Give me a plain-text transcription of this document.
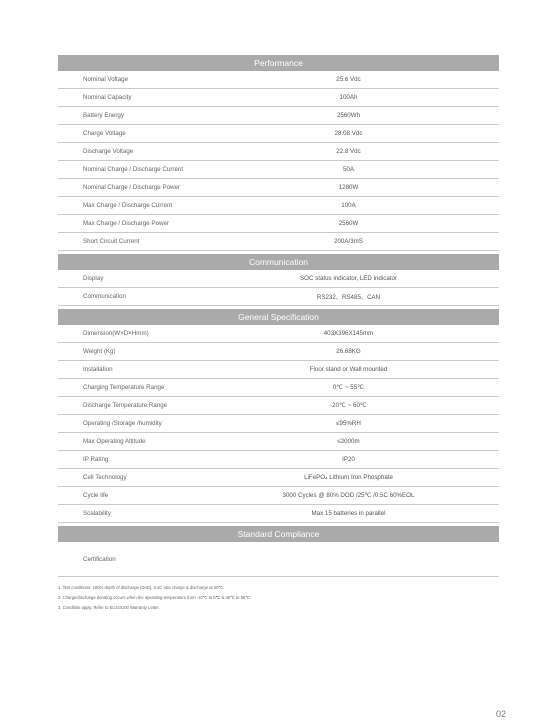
Performance
Nominal Voltage	25.6 Vdc
Nominal Capacity	100Ah
Battery Energy	2560Wh
Charge Voltage	28.08 Vdc
Discharge Voltage	22.8 Vdc
Nominal Charge / Discharge Current	50A
Nominal Charge / Discharge Power	1280W
Max Charge / Discharge Current	100A
Max Charge / Discharge Power	2560W
Short Circuit Current	200A/3mS
Communication
Display	SOC status indicator, LED indicator
Communication	RS232、RS485、CAN
General Specification
Dimension(W×D×Hmm)	403X396X145mm
Weight (Kg)	26.68KG
Installation	Floor stand or Wall mounted
Charging Temperature Range	0℃ ~ 55℃
Discharge Temperature Range	-20℃ ~ 60℃
Operating /Storage /humidity	≤95%RH
Max Operating Altitude	≤2000m
IP Rating	IP20
Cell Technology	LiFePO₄ Lithium Iron Phosphate
Cycle life	3000 Cycles @ 80% DOD /25℃ /0.5C 60%EOL
Scalability	Max 15 batteries in parallel
Standard Compliance
Certification
1. Test conditions: 100% depth of discharge (DoD), 0.2C rate charge & discharge at 25℃.
2. Charge/discharge derating occurs when the operating temperature from -10℃ to 5℃ & 45℃ to 55℃.
3. Condition apply. Refer to ELV24100 Warranty Letter.
02
